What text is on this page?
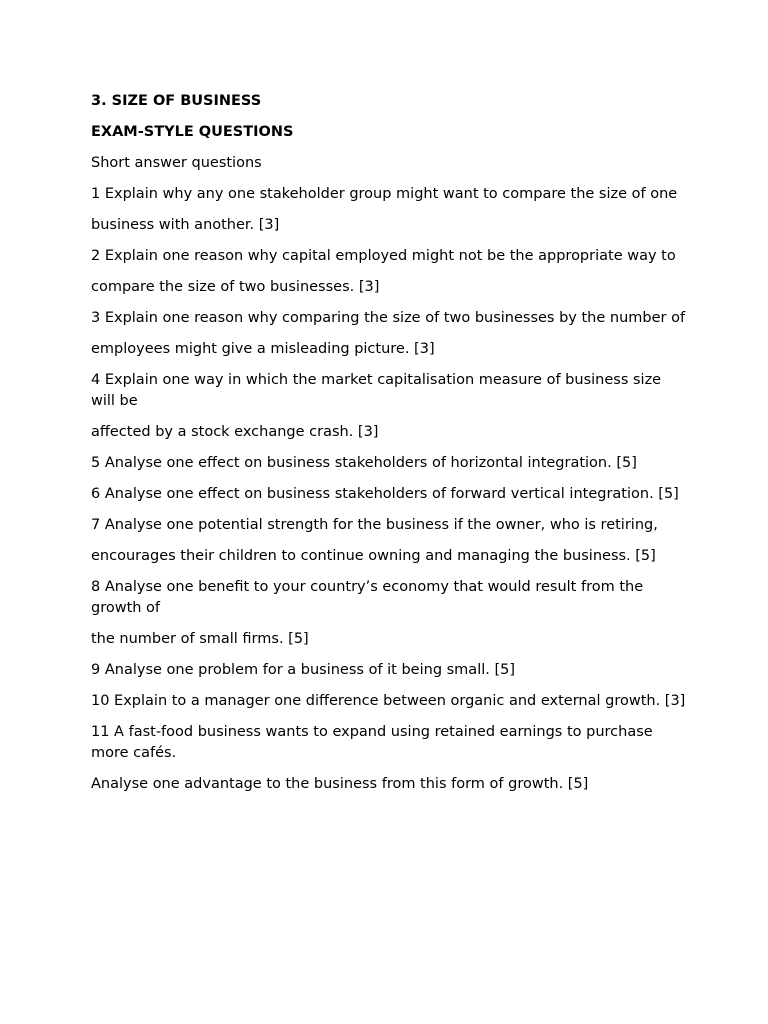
3. SIZE OF BUSINESS

EXAM-STYLE QUESTIONS

Short answer questions

1 Explain why any one stakeholder group might want to compare the size of one

business with another. [3]

2 Explain one reason why capital employed might not be the appropriate way to

compare the size of two businesses. [3]

3 Explain one reason why comparing the size of two businesses by the number of

employees might give a misleading picture. [3]

4 Explain one way in which the market capitalisation measure of business size will be

affected by a stock exchange crash. [3]

5 Analyse one effect on business stakeholders of horizontal integration. [5]

6 Analyse one effect on business stakeholders of forward vertical integration. [5]

7 Analyse one potential strength for the business if the owner, who is retiring,

encourages their children to continue owning and managing the business. [5]

8 Analyse one benefit to your country’s economy that would result from the growth of

the number of small firms. [5]

9 Analyse one problem for a business of it being small. [5]

10 Explain to a manager one difference between organic and external growth. [3]

11 A fast-food business wants to expand using retained earnings to purchase more cafés.

Analyse one advantage to the business from this form of growth. [5]
